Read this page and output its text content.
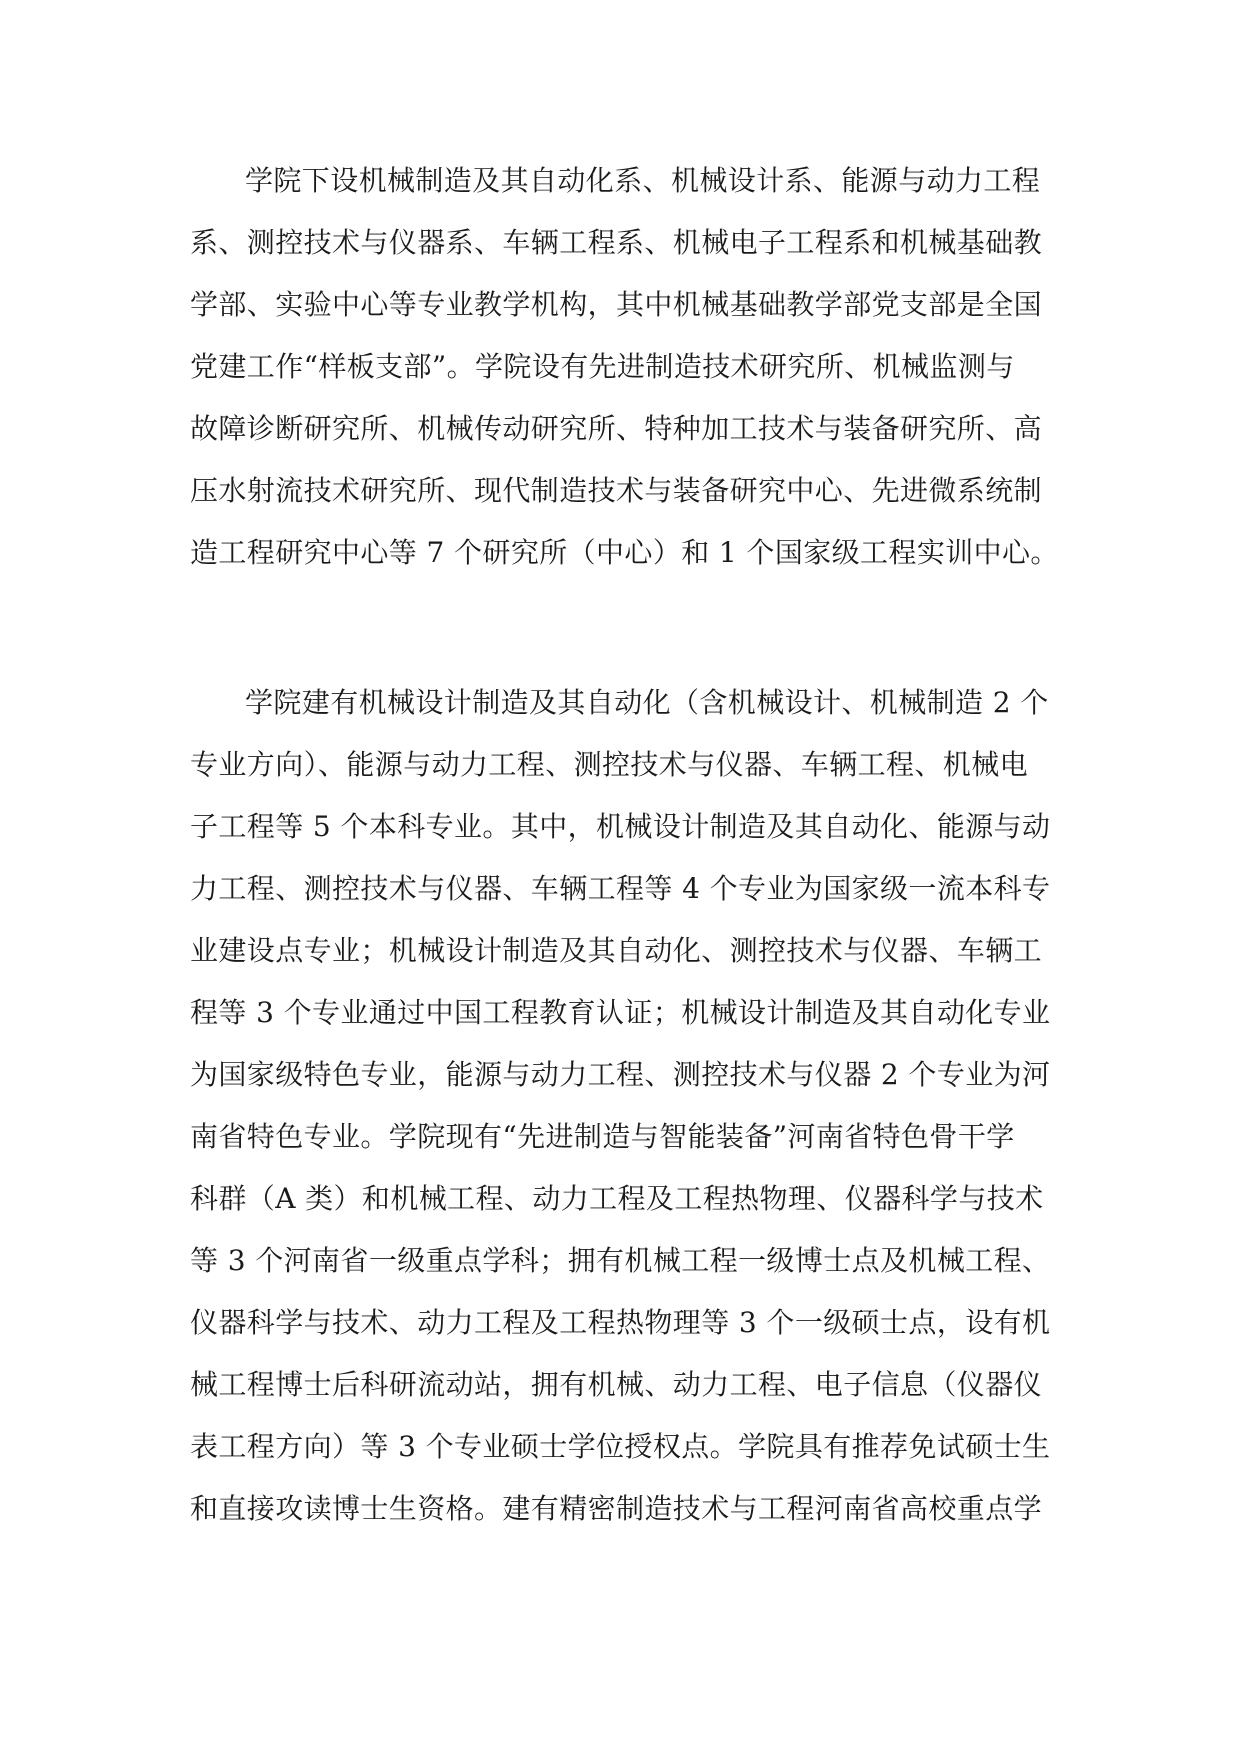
学院下设机械制造及其自动化系、机械设计系、能源与动力工程
系、测控技术与仪器系、车辆工程系、机械电子工程系和机械基础教
学部、实验中心等专业教学机构，其中机械基础教学部党支部是全国
党建工作“样板支部”。学院设有先进制造技术研究所、机械监测与
故障诊断研究所、机械传动研究所、特种加工技术与装备研究所、高
压水射流技术研究所、现代制造技术与装备研究中心、先进微系统制
造工程研究中心等 7 个研究所（中心）和 1 个国家级工程实训中心。
学院建有机械设计制造及其自动化（含机械设计、机械制造 2 个
专业方向）、能源与动力工程、测控技术与仪器、车辆工程、机械电
子工程等 5 个本科专业。其中，机械设计制造及其自动化、能源与动
力工程、测控技术与仪器、车辆工程等 4 个专业为国家级一流本科专
业建设点专业；机械设计制造及其自动化、测控技术与仪器、车辆工
程等 3 个专业通过中国工程教育认证；机械设计制造及其自动化专业
为国家级特色专业，能源与动力工程、测控技术与仪器 2 个专业为河
南省特色专业。学院现有“先进制造与智能装备”河南省特色骨干学
科群（A 类）和机械工程、动力工程及工程热物理、仪器科学与技术
等 3 个河南省一级重点学科；拥有机械工程一级博士点及机械工程、
仪器科学与技术、动力工程及工程热物理等 3 个一级硕士点，设有机
械工程博士后科研流动站，拥有机械、动力工程、电子信息（仪器仪
表工程方向）等 3 个专业硕士学位授权点。学院具有推荐免试硕士生
和直接攻读博士生资格。建有精密制造技术与工程河南省高校重点学
